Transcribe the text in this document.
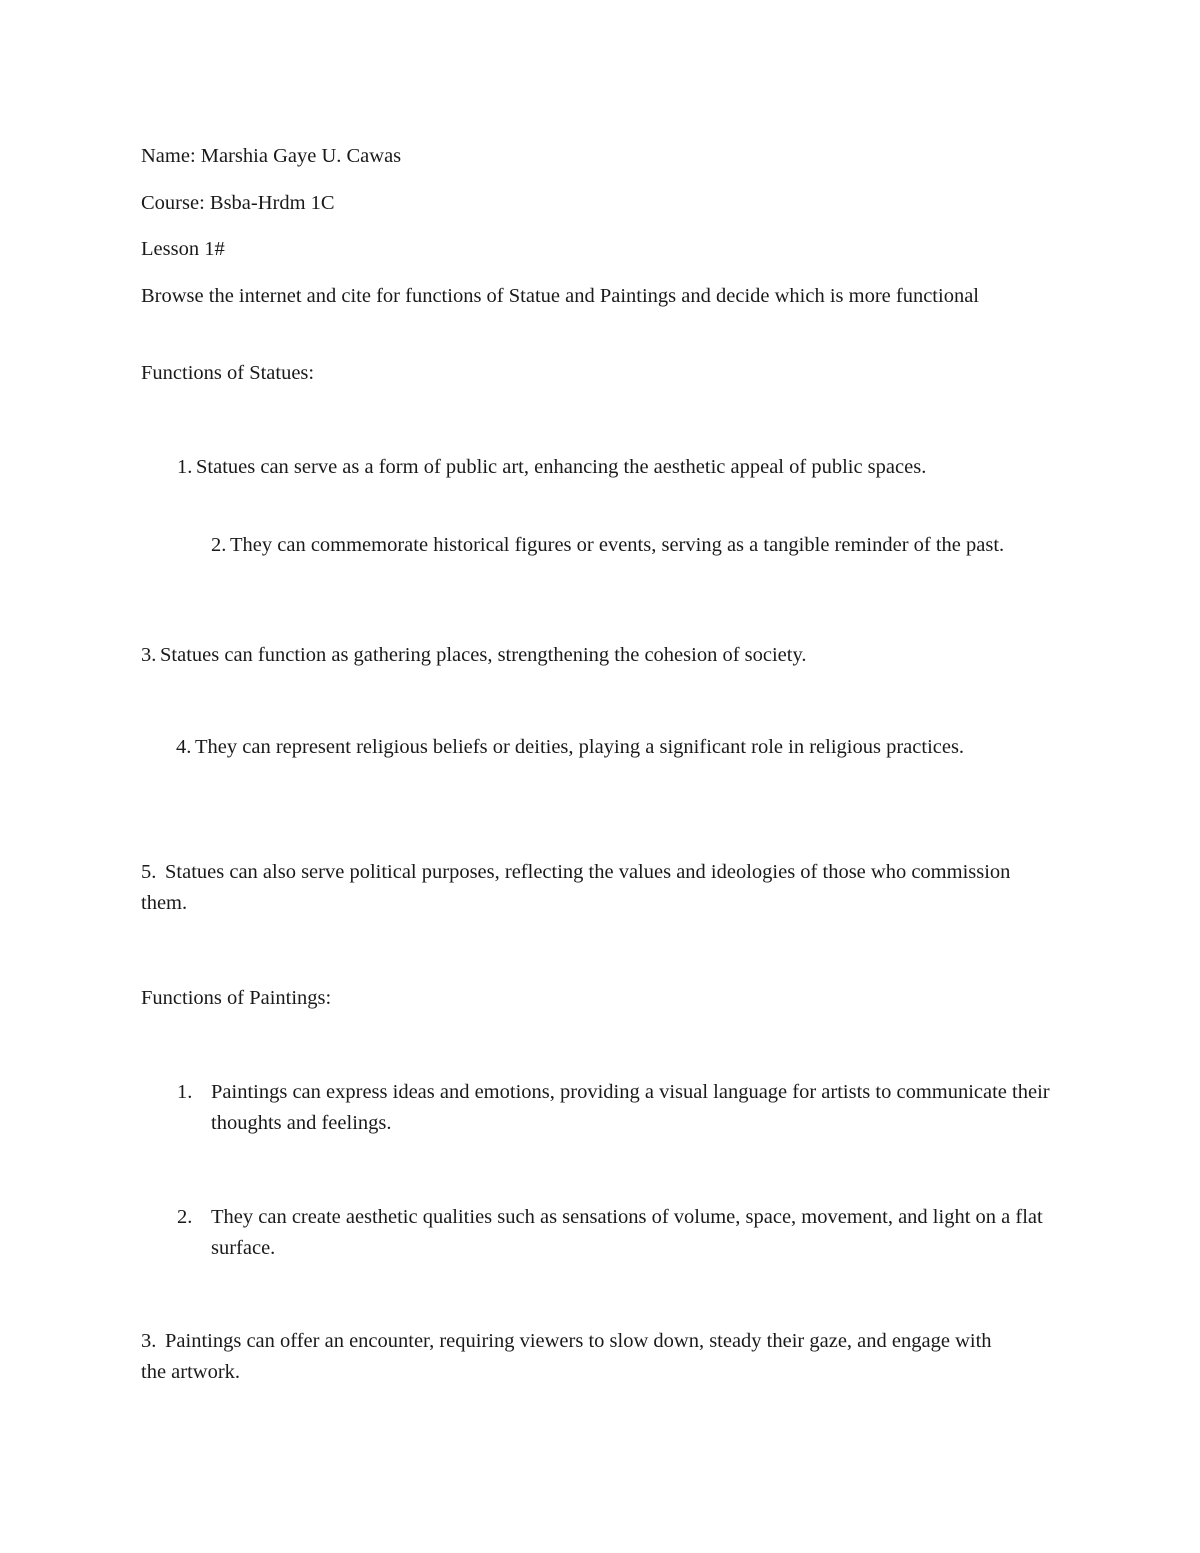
Name: Marshia Gaye U. Cawas
Course: Bsba-Hrdm 1C
Lesson 1#
Browse the internet and cite for functions of Statue and Paintings and decide which is more functional
Functions of Statues:
1. Statues can serve as a form of public art, enhancing the aesthetic appeal of public spaces.
2. They can commemorate historical figures or events, serving as a tangible reminder of the past.
3. Statues can function as gathering places, strengthening the cohesion of society.
4. They can represent religious beliefs or deities, playing a significant role in religious practices.
5. Statues can also serve political purposes, reflecting the values and ideologies of those who commission them.
Functions of Paintings:
1. Paintings can express ideas and emotions, providing a visual language for artists to communicate their thoughts and feelings.
2. They can create aesthetic qualities such as sensations of volume, space, movement, and light on a flat surface.
3. Paintings can offer an encounter, requiring viewers to slow down, steady their gaze, and engage with the artwork.
